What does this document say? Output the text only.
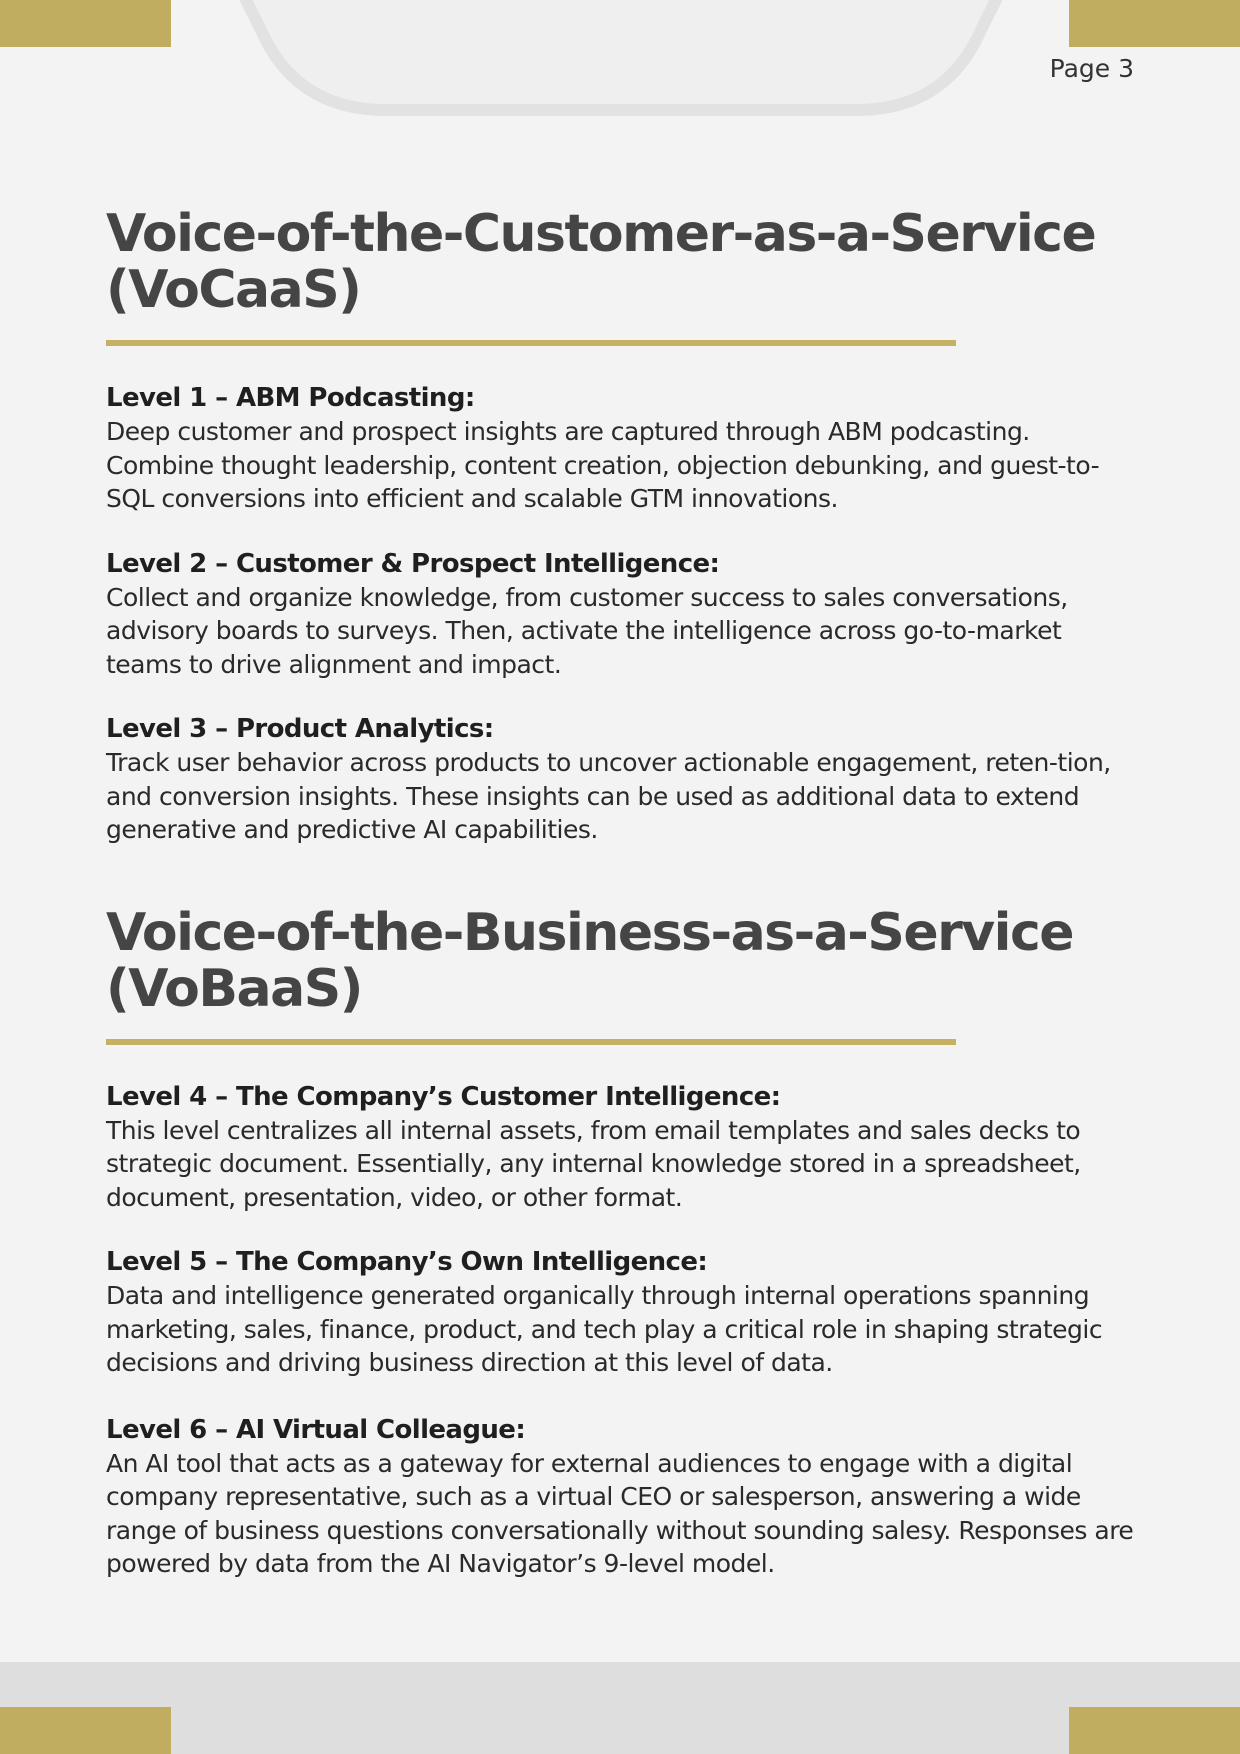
Page 3
Voice-of-the-Customer-as-a-Service
(VoCaaS)
Level 1 – ABM Podcasting:
Deep customer and prospect insights are captured through ABM podcasting. Combine thought leadership, content creation, objection debunking, and guest-to-SQL conversions into efficient and scalable GTM innovations.
Level 2 – Customer & Prospect Intelligence:
Collect and organize knowledge, from customer success to sales conversations, advisory boards to surveys. Then, activate the intelligence across go-to-market teams to drive alignment and impact.
Level 3 – Product Analytics:
Track user behavior across products to uncover actionable engagement, reten-tion, and conversion insights. These insights can be used as additional data to extend generative and predictive AI capabilities.
Voice-of-the-Business-as-a-Service
(VoBaaS)
Level 4 – The Company’s Customer Intelligence:
This level centralizes all internal assets, from email templates and sales decks to strategic document. Essentially, any internal knowledge stored in a spreadsheet, document, presentation, video, or other format.
Level 5 – The Company’s Own Intelligence:
Data and intelligence generated organically through internal operations spanning marketing, sales, finance, product, and tech play a critical role in shaping strategic decisions and driving business direction at this level of data.
Level 6 – AI Virtual Colleague:
An AI tool that acts as a gateway for external audiences to engage with a digital company representative, such as a virtual CEO or salesperson, answering a wide range of business questions conversationally without sounding salesy. Responses are powered by data from the AI Navigator’s 9-level model.
